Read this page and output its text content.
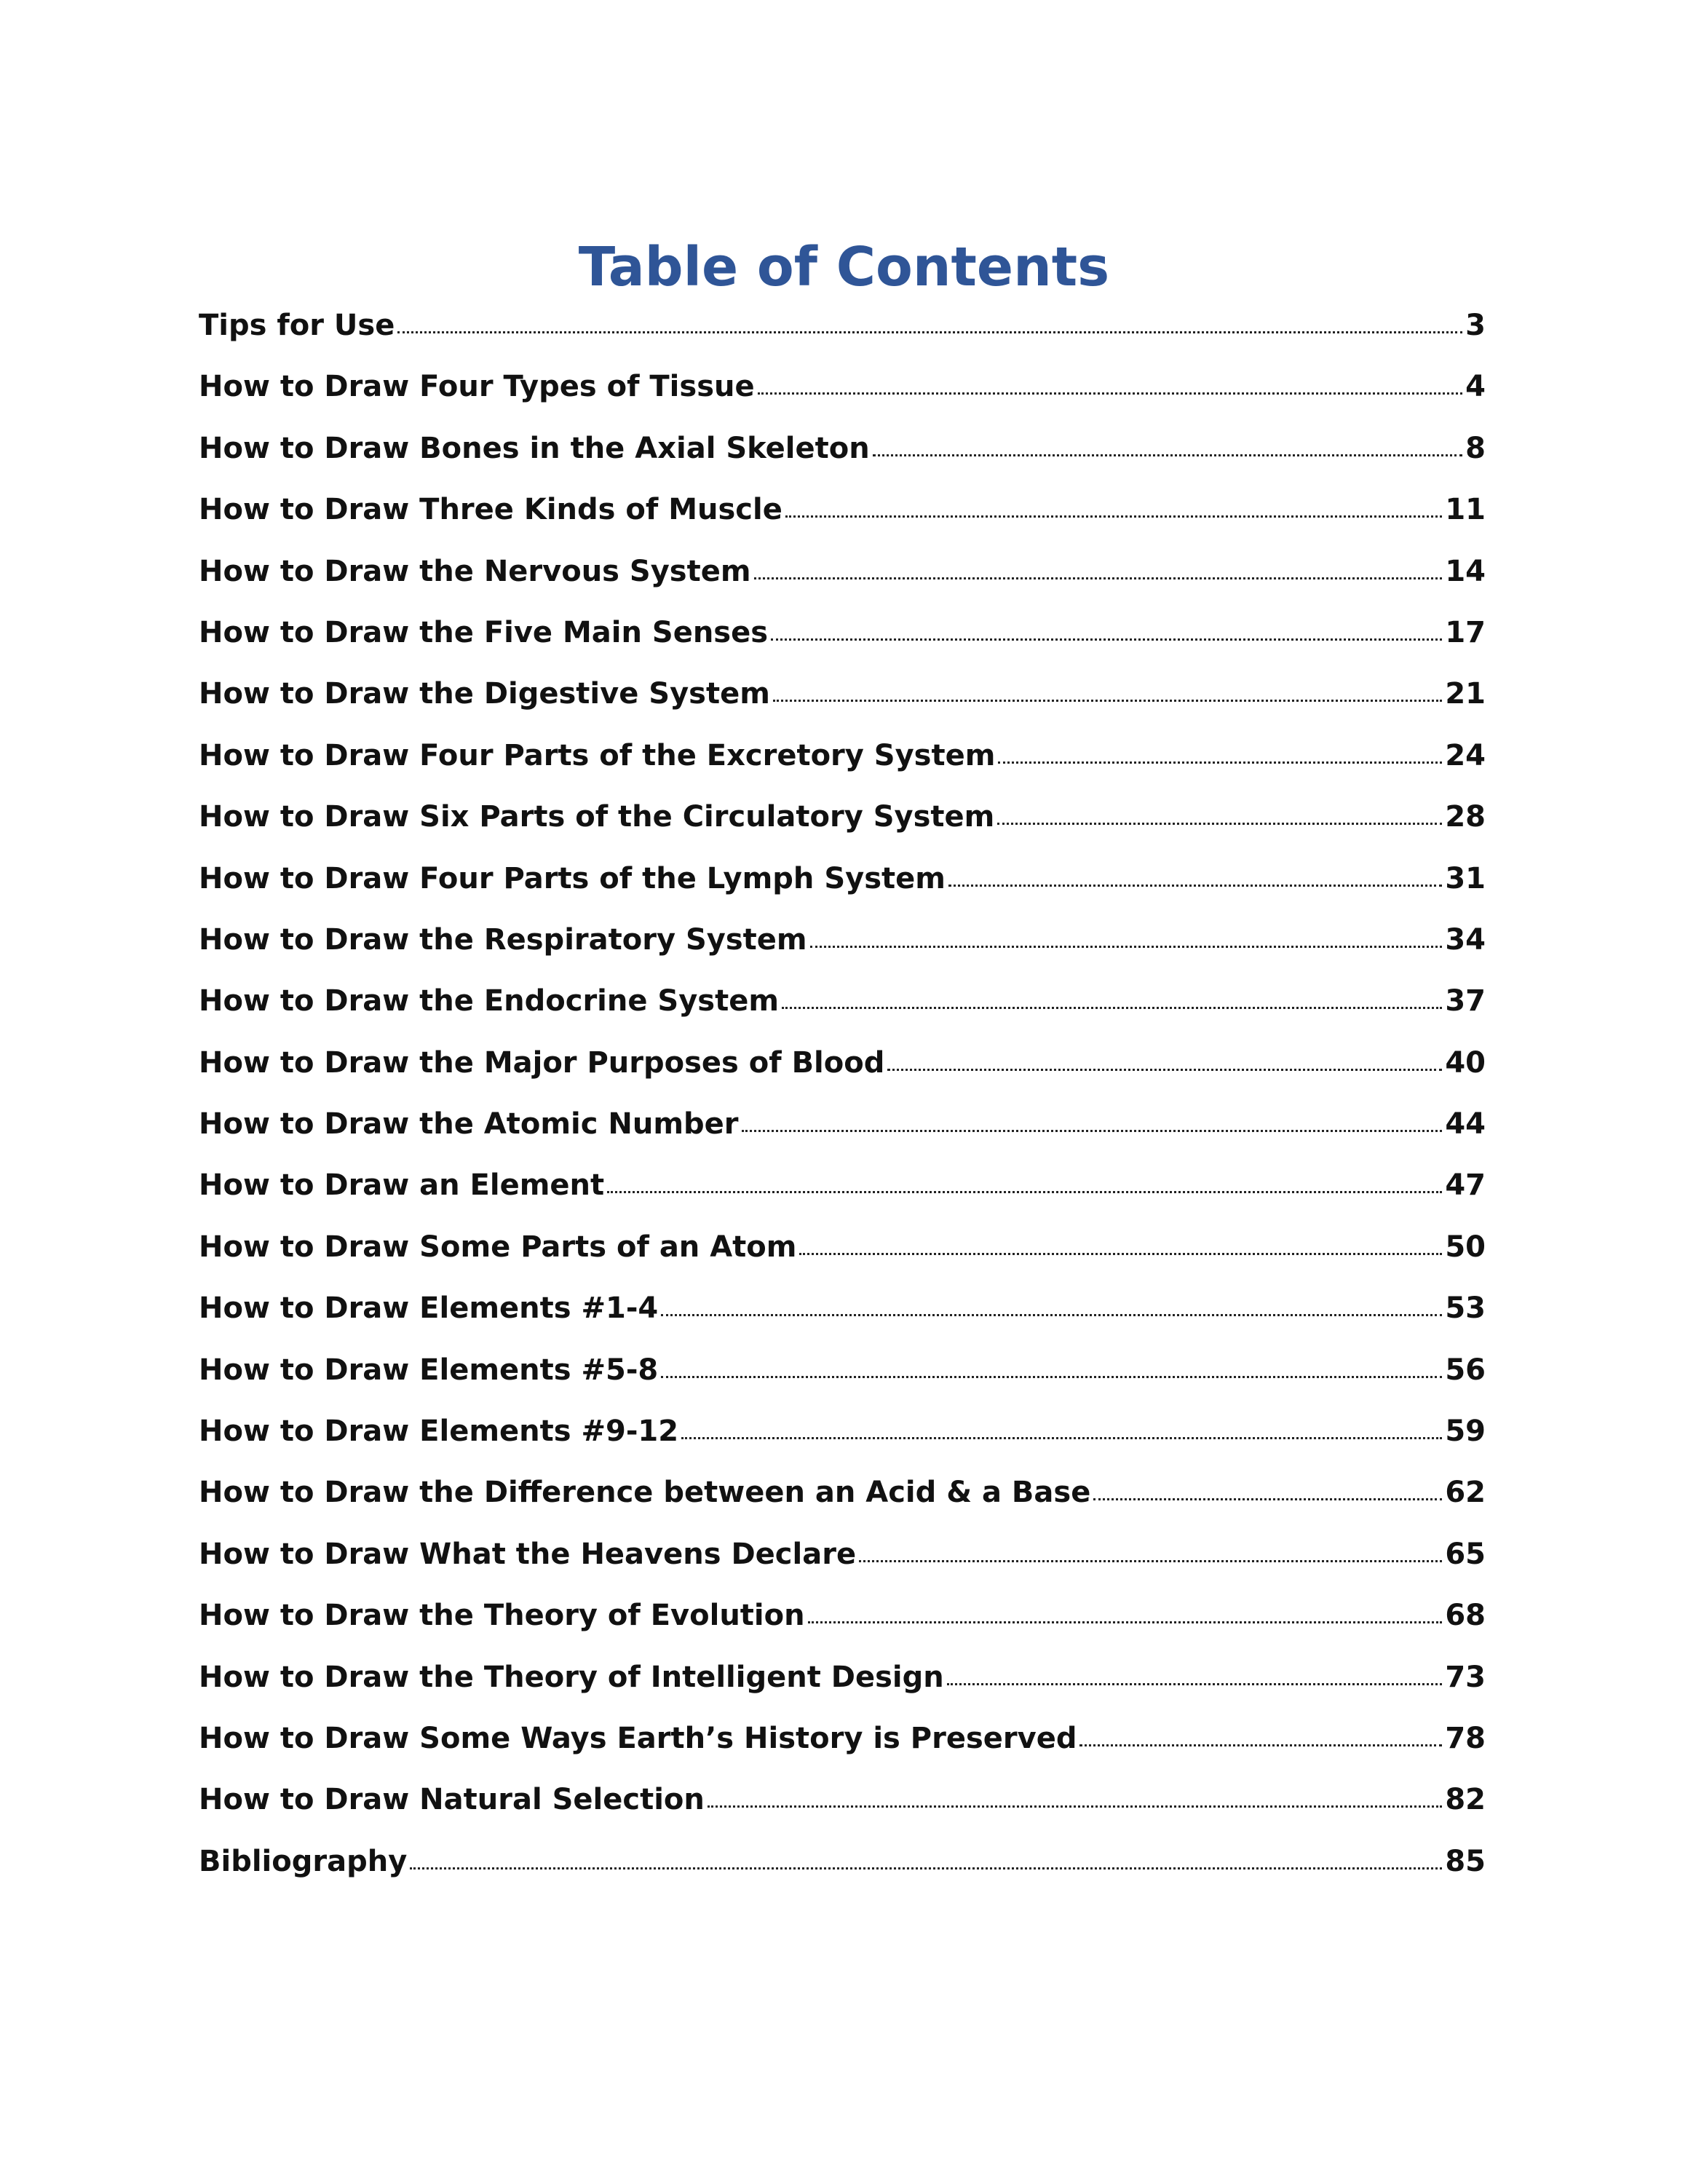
Table of Contents
Tips for Use	3
How to Draw Four Types of Tissue	4
How to Draw Bones in the Axial Skeleton	8
How to Draw Three Kinds of Muscle	11
How to Draw the Nervous System	14
How to Draw the Five Main Senses	17
How to Draw the Digestive System	21
How to Draw Four Parts of the Excretory System	24
How to Draw Six Parts of the Circulatory System	28
How to Draw Four Parts of the Lymph System	31
How to Draw the Respiratory System	34
How to Draw the Endocrine System	37
How to Draw the Major Purposes of Blood	40
How to Draw the Atomic Number	44
How to Draw an Element	47
How to Draw Some Parts of an Atom	50
How to Draw Elements #1-4	53
How to Draw Elements #5-8	56
How to Draw Elements #9-12	59
How to Draw the Difference between an Acid & a Base	62
How to Draw What the Heavens Declare	65
How to Draw the Theory of Evolution	68
How to Draw the Theory of Intelligent Design	73
How to Draw Some Ways Earth’s History is Preserved	78
How to Draw Natural Selection	82
Bibliography	85
